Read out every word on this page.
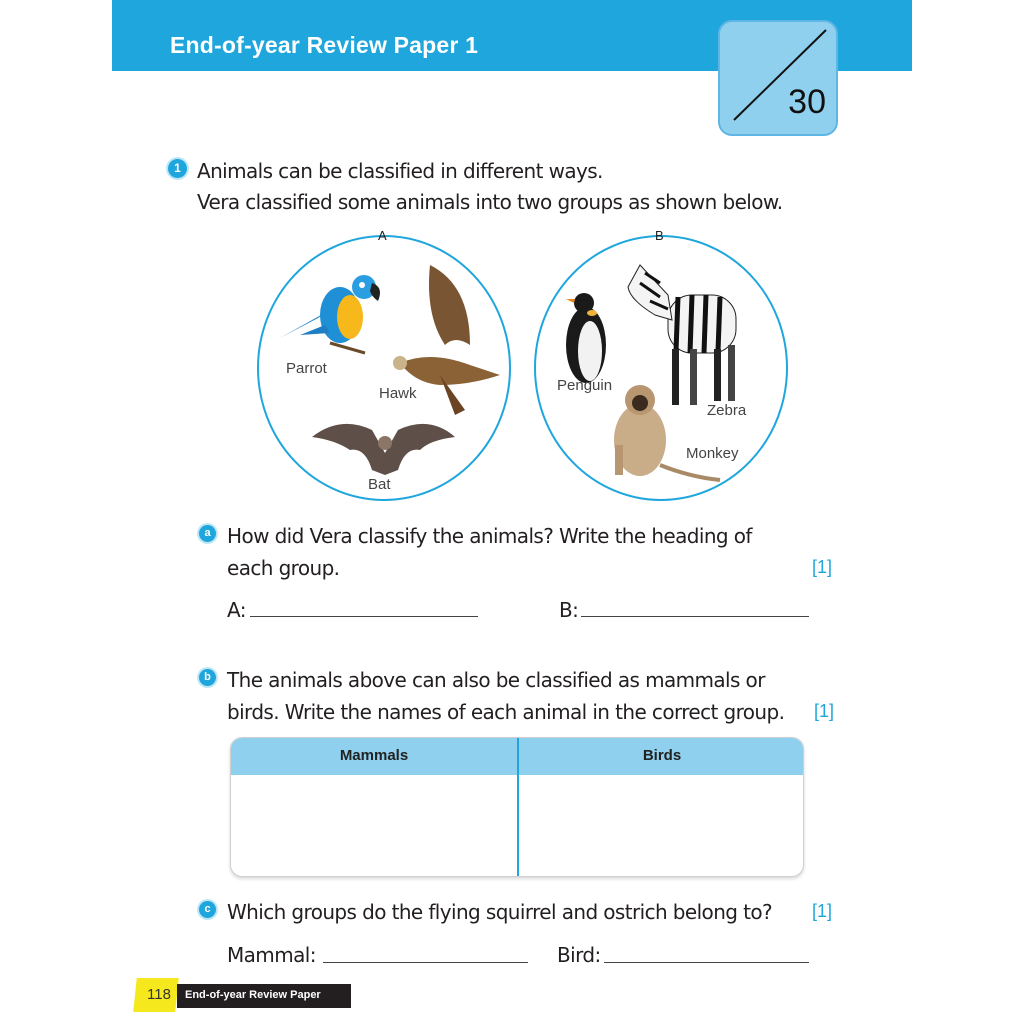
End-of-year Review Paper 1
30
1 Animals can be classified in different ways.
Vera classified some animals into two groups as shown below.
A	B
Parrot
Hawk
Bat
Penguin
Zebra
Monkey
a How did Vera classify the animals? Write the heading of
each group.	[1]
A:	B:
b The animals above can also be classified as mammals or
birds. Write the names of each animal in the correct group. [1]
Mammals	Birds
c Which groups do the flying squirrel and ostrich belong to? [1]
Mammal:	Bird:
118 End-of-year Review Paper
